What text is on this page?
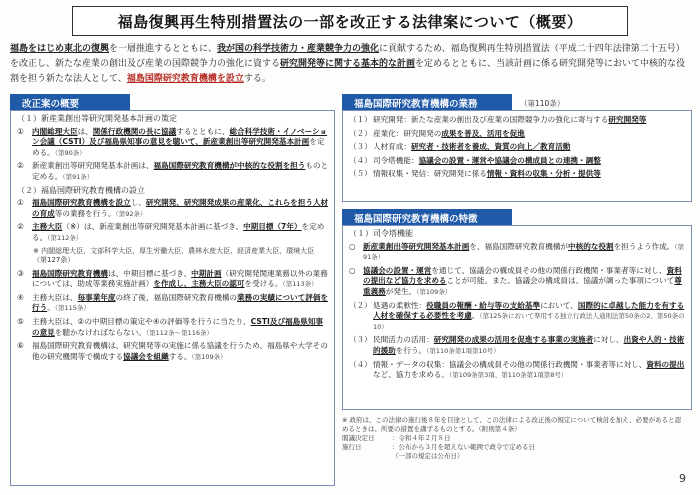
福島復興再生特別措置法の一部を改正する法律案について（概要）
福島をはじめ東北の復興を一層推進するとともに、我が国の科学技術力・産業競争力の強化に貢献するため、福島復興再生特別措置法（平成二十四年法律第二十五号）を改正し、新たな産業の創出及び産業の国際競争力の強化に資する研究開発等に関する基本的な計画を定めるとともに、当該計画に係る研究開発等において中核的な役割を担う新たな法人として、福島国際研究教育機構を設立する。
改正案の概要
（１）新産業創出等研究開発基本計画の策定
①	内閣総理大臣は、関係行政機関の長に協議するとともに、総合科学技術・イノベーション会議（CSTI）及び福島県知事の意見を聴いて、新産業創出等研究開発基本計画を定める。（第90条）
②	新産業創出等研究開発基本計画は、福島国際研究教育機構が中核的な役割を担うものと定める。（第91条）
（２）福島国際研究教育機構の設立
①	福島国際研究教育機構を設立し、研究開発、研究開発成果の産業化、これらを担う人材の育成等の業務を行う。（第92条）
②	主務大臣（※）は、新産業創出等研究開発基本計画に基づき、中期目標（7年）を定める。（第112条）
※ 内閣総理大臣、文部科学大臣、厚生労働大臣、農林水産大臣、経済産業大臣、環境大臣（第127条）
③	福島国際研究教育機構は、中期目標に基づき、中期計画（研究開発関連業務以外の業務については、助成等業務実施計画）を作成し、主務大臣の認可を受ける。（第113条）
④	主務大臣は、毎事業年度の終了後、福島国際研究教育機構の業務の実績について評価を行う。（第115条）
⑤	主務大臣は、②の中期目標の策定や④の評価等を行うに当たり、CSTI及び福島県知事の意見を聴かなければならない。（第112条〜第116条）
⑥	福島国際研究教育機構は、研究開発等の実施に係る協議を行うため、福島県や大学その他の研究機関等で構成する協議会を組織する。（第109条）
福島国際研究教育機構の業務	（第110条）
（１） 研究開発：新たな産業の創出及び産業の国際競争力の強化に寄与する研究開発等
（２） 産業化：研究開発の成果を普及、活用を促進
（３） 人材育成：研究者・技術者を養成、資質の向上／教育活動
（４） 司令塔機能：協議会の設置・運営や協議会の構成員との連携・調整
（５） 情報収集・発信：研究開発に係る情報・資料の収集・分析・提供等
福島国際研究教育機構の特徴
（１）司令塔機能
○ 新産業創出等研究開発基本計画を、福島国際研究教育機構が中核的な役割を担うよう作成。（第91条）
○ 協議会の設置・運営を通じて、協議会の構成員その他の関係行政機関・事業者等に対し、資料の提出など協力を求めることが可能。また、協議会の構成員は、協議が調った事項について尊重義務が発生。（第109条）
（２） 処遇の柔軟性：役職員の報酬・給与等の支給基準において、国際的に卓越した能力を有する人材を確保する必要性を考慮。（第125条において準用する独立行政法人通則法第50条の2、第50条の10）
（３） 民間活力の活用：研究開発の成果の活用を促進する事業の実施者に対し、出資や人的・技術的援助を行う。（第110条第1項第10号）
（４） 情報・データの収集：協議会の構成員その他の関係行政機関・事業者等に対し、資料の提出など、協力を求める。（第109条第3項、第110条第1項第8号）
※ 政府は、この法律の施行後８年を目途として、この法律による改正後の規定について検討を加え、必要があると認めるときは、所要の措置を講ずるものとする。（附則第４条）
閣議決定日	：令和４年２月８日
施行日	：公布から３月を超えない範囲で政令で定める日
（一部の規定は公布日）
9
